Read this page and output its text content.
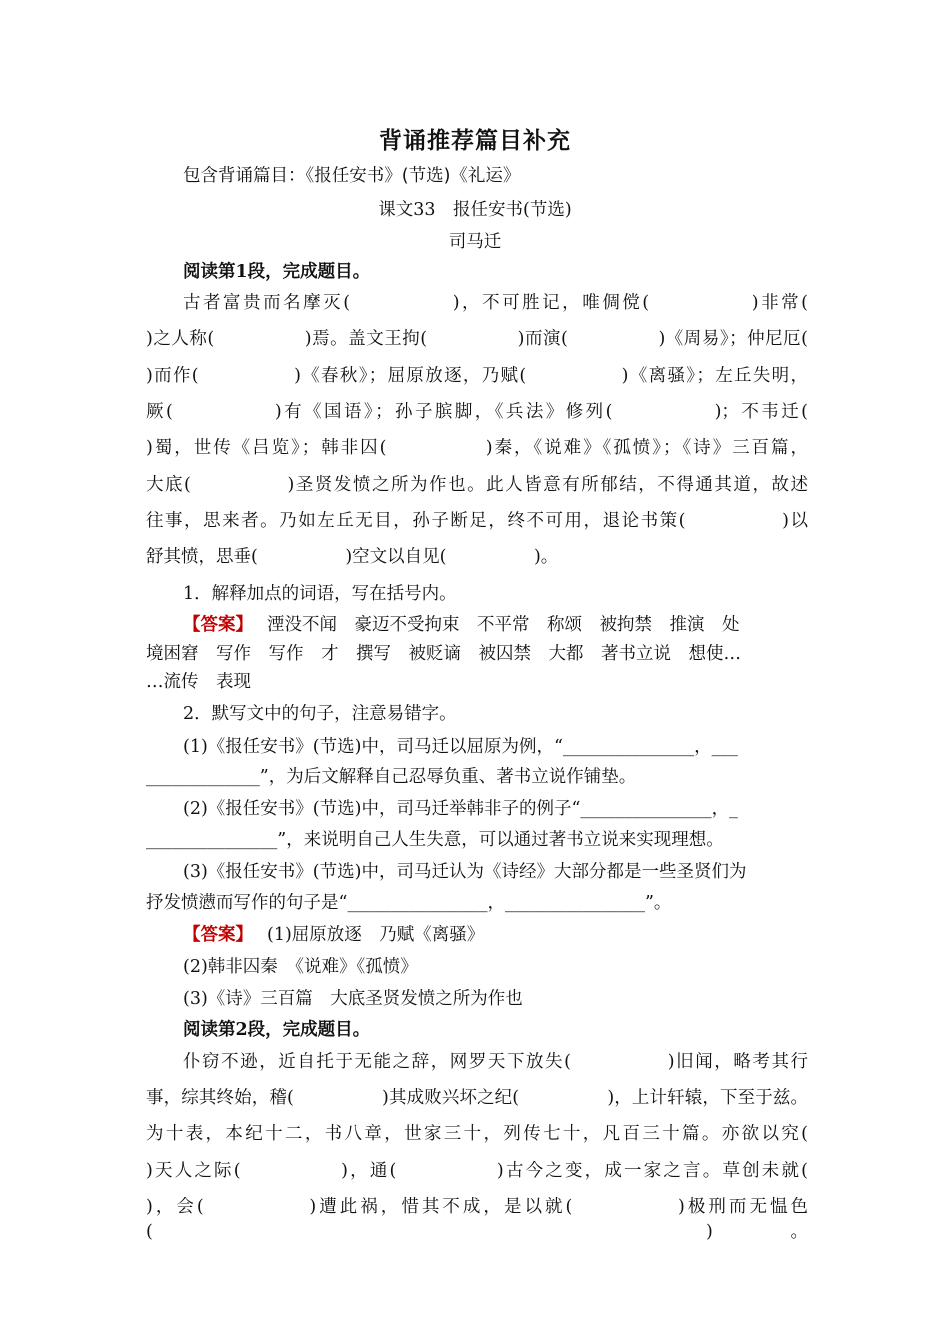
背诵推荐篇目补充
包含背诵篇目：《报任安书》(节选)《礼运》
课文33　报任安书(节选)
司马迁
阅读第1段，完成题目。
古者富贵而名摩灭(　　　　　)，不可胜记，唯倜傥(　　　　　)非常(
)之人称(　　　　　)焉。盖文王拘(　　　　　)而演(　　　　　)《周易》；仲尼厄(
)而作(　　　　　)《春秋》；屈原放逐，乃赋(　　　　　)《离骚》；左丘失明，
厥(　　　　　)有《国语》；孙子膑脚，《兵法》修列(　　　　　)；不韦迁(
)蜀，世传《吕览》；韩非囚(　　　　　)秦，《说难》《孤愤》；《诗》三百篇，
大底(　　　　　)圣贤发愤之所为作也。此人皆意有所郁结，不得通其道，故述
往事，思来者。乃如左丘无目，孙子断足，终不可用，退论书策(　　　　　)以
舒其愤，思垂(　　　　　)空文以自见(　　　　　)。
1．解释加点的词语，写在括号内。
【答案】 湮没不闻　豪迈不受拘束　不平常　称颂　被拘禁　推演　处
境困窘　写作　写作　才　撰写　被贬谪　被囚禁　大都　著书立说　想使…
…流传　表现
2．默写文中的句子，注意易错字。
(1)《报任安书》(节选)中，司马迁以屈原为例，“_______________，___
_____________”，为后文解释自己忍辱负重、著书立说作铺垫。
(2)《报任安书》(节选)中，司马迁举韩非子的例子“_______________，_
_______________”，来说明自己人生失意，可以通过著书立说来实现理想。
(3)《报任安书》(节选)中，司马迁认为《诗经》大部分都是一些圣贤们为
抒发愤懑而写作的句子是“________________，________________”。
【答案】 (1)屈原放逐　乃赋《离骚》
(2)韩非囚秦　《说难》《孤愤》
(3)《诗》三百篇　大底圣贤发愤之所为作也
阅读第2段，完成题目。
仆窃不逊，近自托于无能之辞，网罗天下放失(　　　　　)旧闻，略考其行
事，综其终始，稽(　　　　　)其成败兴坏之纪(　　　　　)，上计轩辕，下至于兹。
为十表，本纪十二，书八章，世家三十，列传七十，凡百三十篇。亦欲以究(
)天人之际(　　　　　)，通(　　　　　)古今之变，成一家之言。草创未就(
)，会(　　　　　)遭此祸，惜其不成，是以就(　　　　　)极刑而无愠色(　　　　　)。
